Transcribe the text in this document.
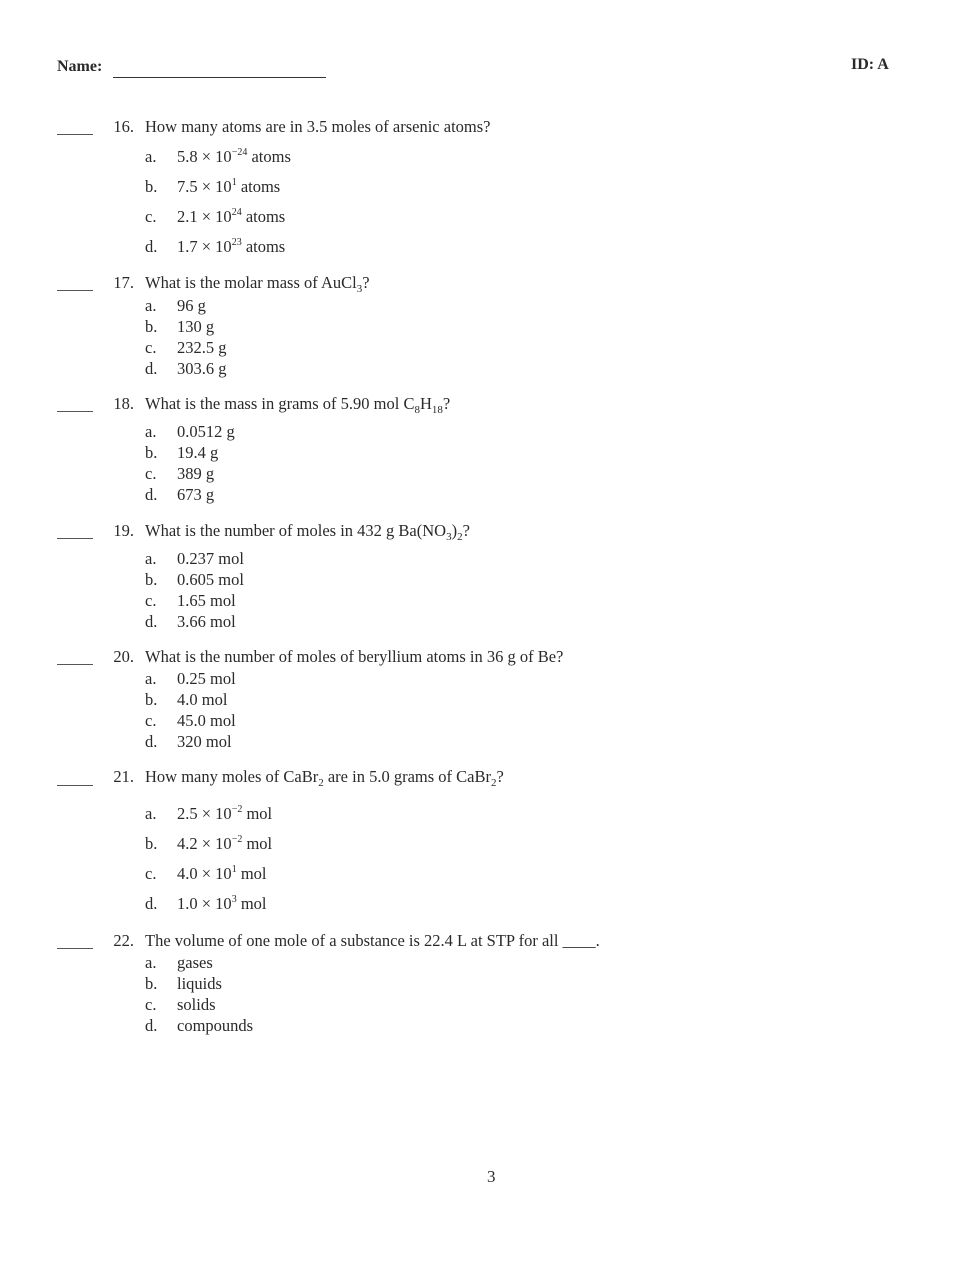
Name:	ID: A
16. How many atoms are in 3.5 moles of arsenic atoms?
a. $5.8 \times 10^{-24}$ atoms
b. $7.5 \times 10^1$ atoms
c. $2.1 \times 10^{24}$ atoms
d. $1.7 \times 10^{23}$ atoms
17. What is the molar mass of AuCl$_3$?
a. 96 g
b. 130 g
c. 232.5 g
d. 303.6 g
18. What is the mass in grams of 5.90 mol $C_8H_{18}$?
a. 0.0512 g
b. 19.4 g
c. 389 g
d. 673 g
19. What is the number of moles in 432 g $Ba(NO_3)_2$?
a. 0.237 mol
b. 0.605 mol
c. 1.65 mol
d. 3.66 mol
20. What is the number of moles of beryllium atoms in 36 g of Be?
a. 0.25 mol
b. 4.0 mol
c. 45.0 mol
d. 320 mol
21. How many moles of CaBr$_2$ are in 5.0 grams of CaBr$_2$?
a. $2.5 \times 10^{-2}$ mol
b. $4.2 \times 10^{-2}$ mol
c. $4.0 \times 10^1$ mol
d. $1.0 \times 10^3$ mol
22. The volume of one mole of a substance is 22.4 L at STP for all ____.
a. gases
b. liquids
c. solids
d. compounds
3
